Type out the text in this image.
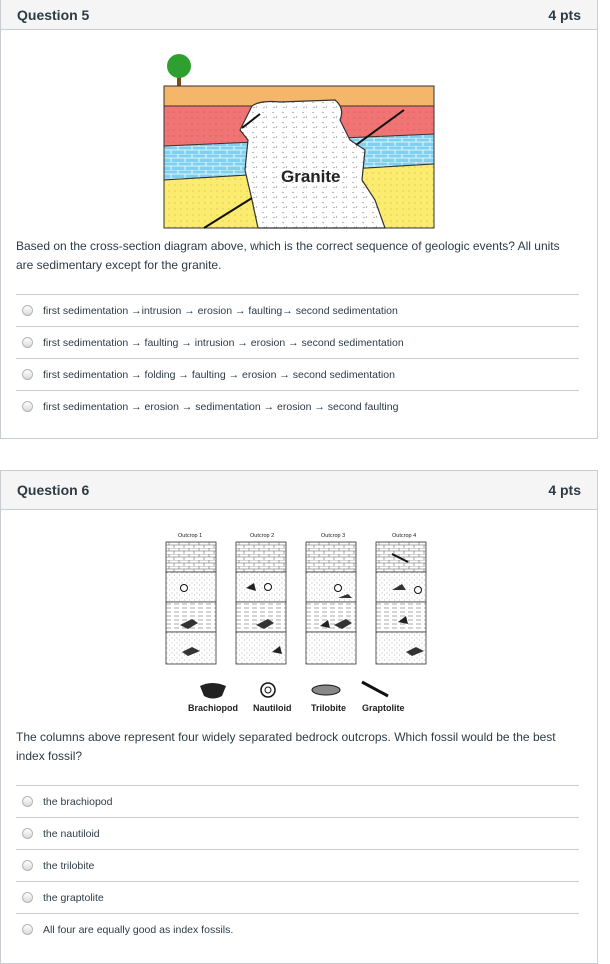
Question 5	4 pts
Granite
Based on the cross-section diagram above, which is the correct sequence of geologic events? All units are sedimentary except for the granite.
first sedimentation →intrusion → erosion → faulting→ second sedimentation
first sedimentation → faulting → intrusion → erosion → second sedimentation
first sedimentation → folding → faulting → erosion → second sedimentation
first sedimentation → erosion → sedimentation → erosion → second faulting
Question 6	4 pts
Outcrop 1	Outcrop 2	Outcrop 3	Outcrop 4
Brachiopod Nautiloid Trilobite Graptolite
The columns above represent four widely separated bedrock outcrops. Which fossil would be the best index fossil?
the brachiopod
the nautiloid
the trilobite
the graptolite
All four are equally good as index fossils.
